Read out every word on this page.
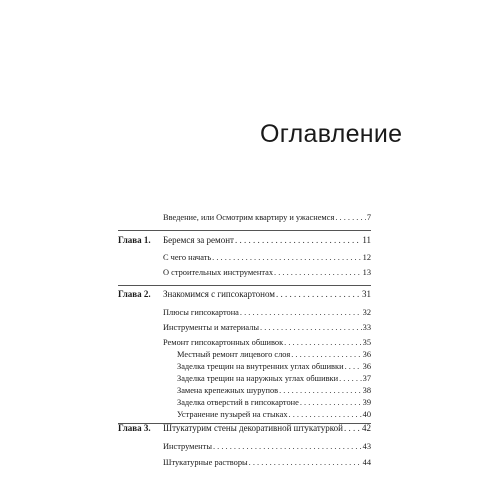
Оглавление
Введение, или Осмотрим квартиру и ужаснемся . . .	7
Глава 1. Беремся за ремонт . . .	11
С чего начать . . .	12
О строительных инструментах . . .	13
Глава 2. Знакомимся с гипсокартоном . . .	31
Плюсы гипсокартона . . .	32
Инструменты и материалы . . .	33
Ремонт гипсокартонных обшивок . . .	35
Местный ремонт лицевого слоя . . .	36
Заделка трещин на внутренних углах обшивки . . . 36
Заделка трещин на наружных углах обшивки . . .	37
Замена крепежных шурупов . . .	38
Заделка отверстий в гипсокартоне . . .	39
Устранение пузырей на стыках . . .	40
Глава 3. Штукатурим стены декоративной штукатуркой . . . 42
Инструменты . . .	43
Штукатурные растворы . . .	44
